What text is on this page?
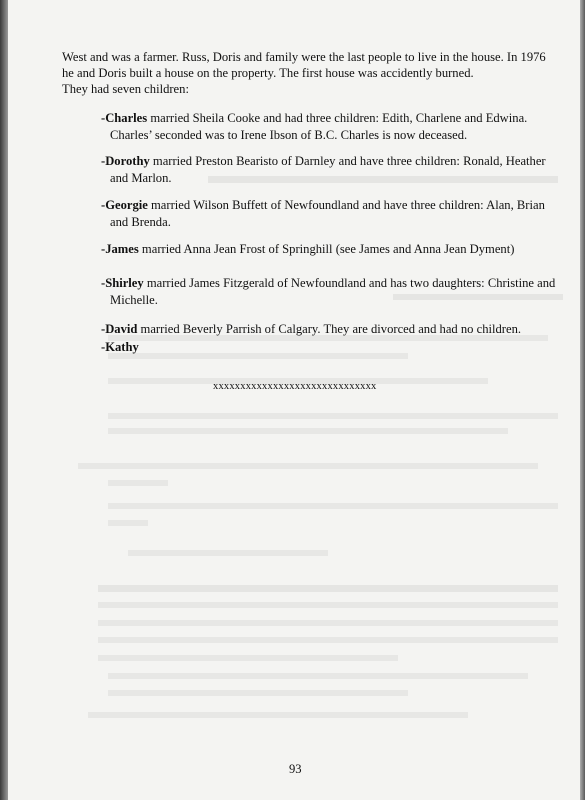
West and was a farmer. Russ, Doris and family were the last people to live in the house. In 1976
he and Doris built a house on the property. The first house was accidently burned.
They had seven children:
-Charles married Sheila Cooke and had three children: Edith, Charlene and Edwina.
Charles’ seconded was to Irene Ibson of B.C. Charles is now deceased.
-Dorothy married Preston Bearisto of Darnley and have three children: Ronald, Heather
and Marlon.
-Georgie married Wilson Buffett of Newfoundland and have three children: Alan, Brian
and Brenda.
-James married Anna Jean Frost of Springhill (see James and Anna Jean Dyment)
-Shirley married James Fitzgerald of Newfoundland and has two daughters: Christine and
Michelle.
-David married Beverly Parrish of Calgary. They are divorced and had no children.
-Kathy
xxxxxxxxxxxxxxxxxxxxxxxxxxxxxx
93
